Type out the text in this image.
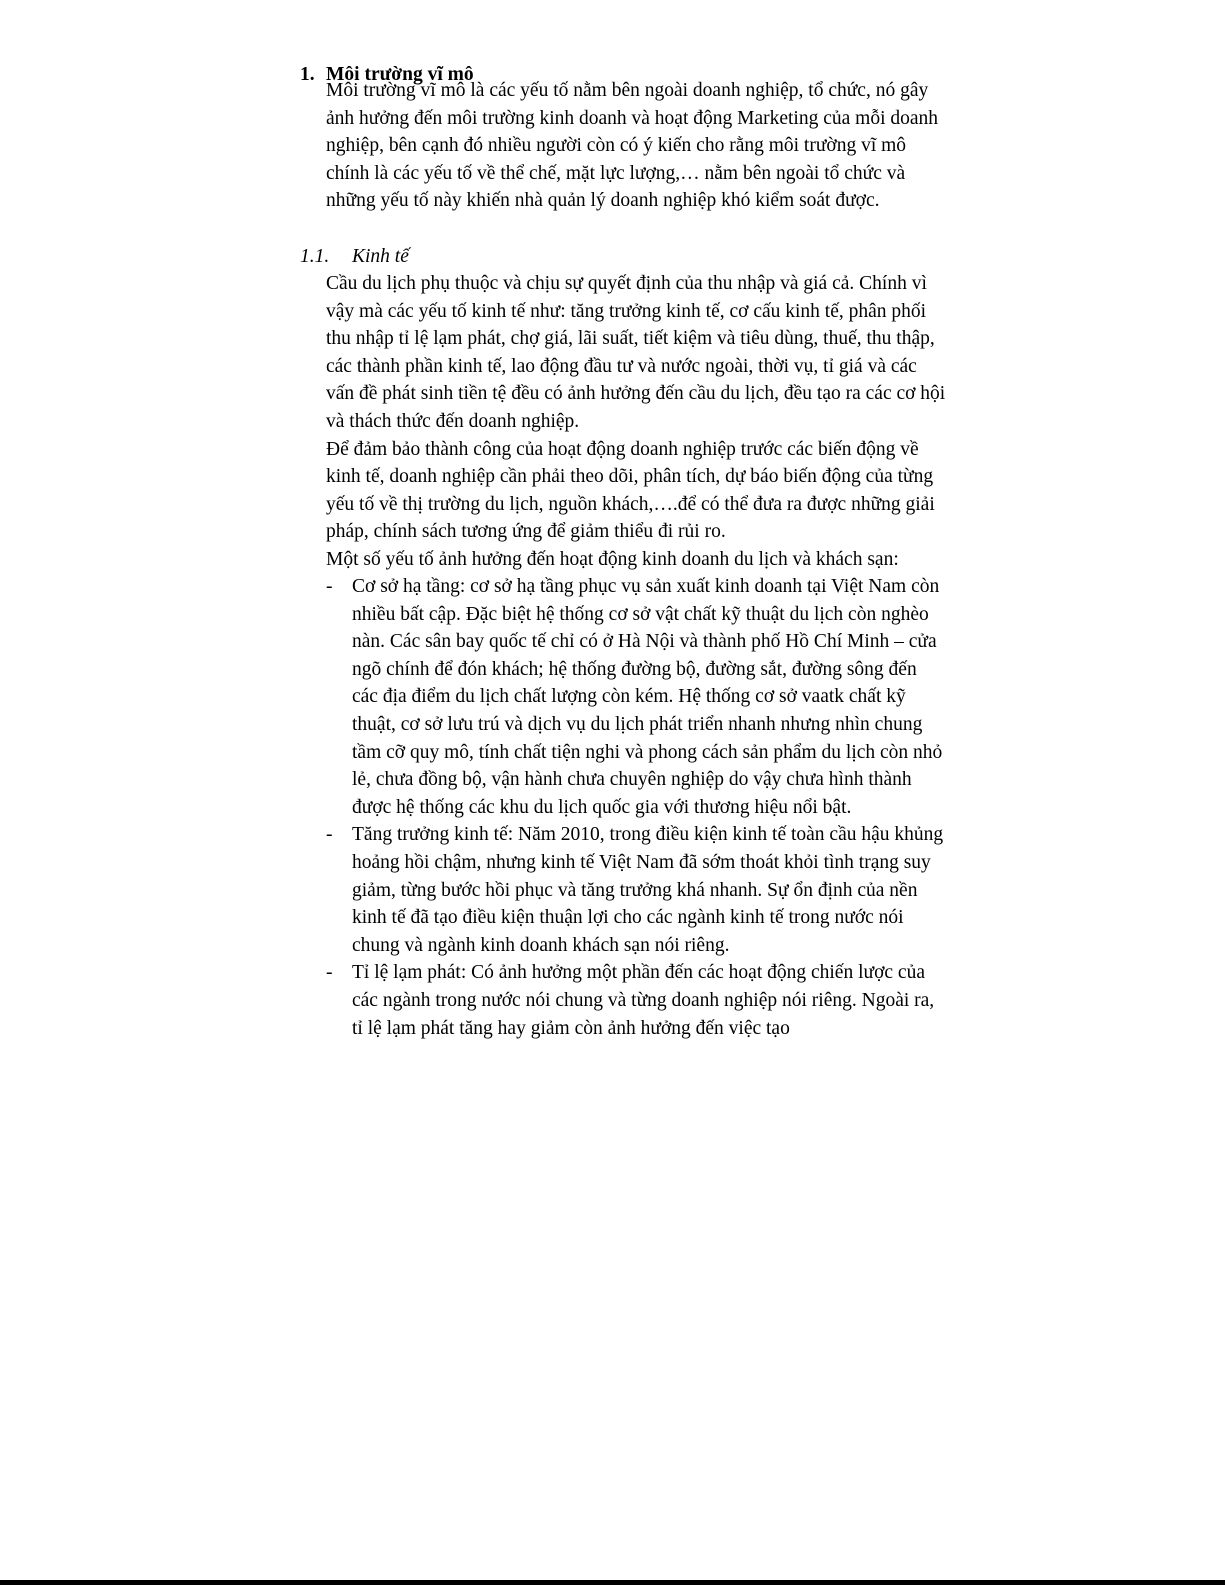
1. Môi trường vĩ mô
Môi trường vĩ mô là các yếu tố nằm bên ngoài doanh nghiệp, tổ chức, nó gây ảnh hưởng đến môi trường kinh doanh và hoạt động Marketing của mỗi doanh nghiệp, bên cạnh đó nhiều người còn có ý kiến cho rằng môi trường vĩ mô chính là các yếu tố về thể chế, mặt lực lượng,… nằm bên ngoài tổ chức và những yếu tố này khiến nhà quản lý doanh nghiệp khó kiểm soát được.
1.1. Kinh tế

Cầu du lịch phụ thuộc và chịu sự quyết định của thu nhập và giá cả. Chính vì vậy mà các yếu tố kinh tế như: tăng trưởng kinh tế, cơ cấu kinh tế, phân phối thu nhập tỉ lệ lạm phát, chợ giá, lãi suất, tiết kiệm và tiêu dùng, thuế, thu thập, các thành phần kinh tế, lao động đầu tư và nước ngoài, thời vụ, tỉ giá và các vấn đề phát sinh tiền tệ đều có ảnh hưởng đến cầu du lịch, đều tạo ra các cơ hội và thách thức đến doanh nghiệp.

Để đảm bảo thành công của hoạt động doanh nghiệp trước các biến động về kinh tế, doanh nghiệp cần phải theo dõi, phân tích, dự báo biến động của từng yếu tố về thị trường du lịch, nguồn khách,….để có thể đưa ra được những giải pháp, chính sách tương ứng để giảm thiểu đi rủi ro.

Một số yếu tố ảnh hưởng đến hoạt động kinh doanh du lịch và khách sạn:

- Cơ sở hạ tầng: cơ sở hạ tầng phục vụ sản xuất kinh doanh tại Việt Nam còn nhiều bất cập. Đặc biệt hệ thống cơ sở vật chất kỹ thuật du lịch còn nghèo nàn. Các sân bay quốc tế chỉ có ở Hà Nội và thành phố Hồ Chí Minh – cửa ngõ chính để đón khách; hệ thống đường bộ, đường sắt, đường sông đến các địa điểm du lịch chất lượng còn kém. Hệ thống cơ sở vaatk chất kỹ thuật, cơ sở lưu trú và dịch vụ du lịch phát triển nhanh nhưng nhìn chung tầm cỡ quy mô, tính chất tiện nghi và phong cách sản phẩm du lịch còn nhỏ lẻ, chưa đồng bộ, vận hành chưa chuyên nghiệp do vậy chưa hình thành được hệ thống các khu du lịch quốc gia với thương hiệu nổi bật.
- Tăng trưởng kinh tế: Năm 2010, trong điều kiện kinh tế toàn cầu hậu khủng hoảng hồi chậm, nhưng kinh tế Việt Nam đã sớm thoát khỏi tình trạng suy giảm, từng bước hồi phục và tăng trưởng khá nhanh. Sự ổn định của nền kinh tế đã tạo điều kiện thuận lợi cho các ngành kinh tế trong nước nói chung và ngành kinh doanh khách sạn nói riêng.
- Tỉ lệ lạm phát: Có ảnh hưởng một phần đến các hoạt động chiến lược của các ngành trong nước nói chung và từng doanh nghiệp nói riêng. Ngoài ra, tỉ lệ lạm phát tăng hay giảm còn ảnh hưởng đến việc tạo
